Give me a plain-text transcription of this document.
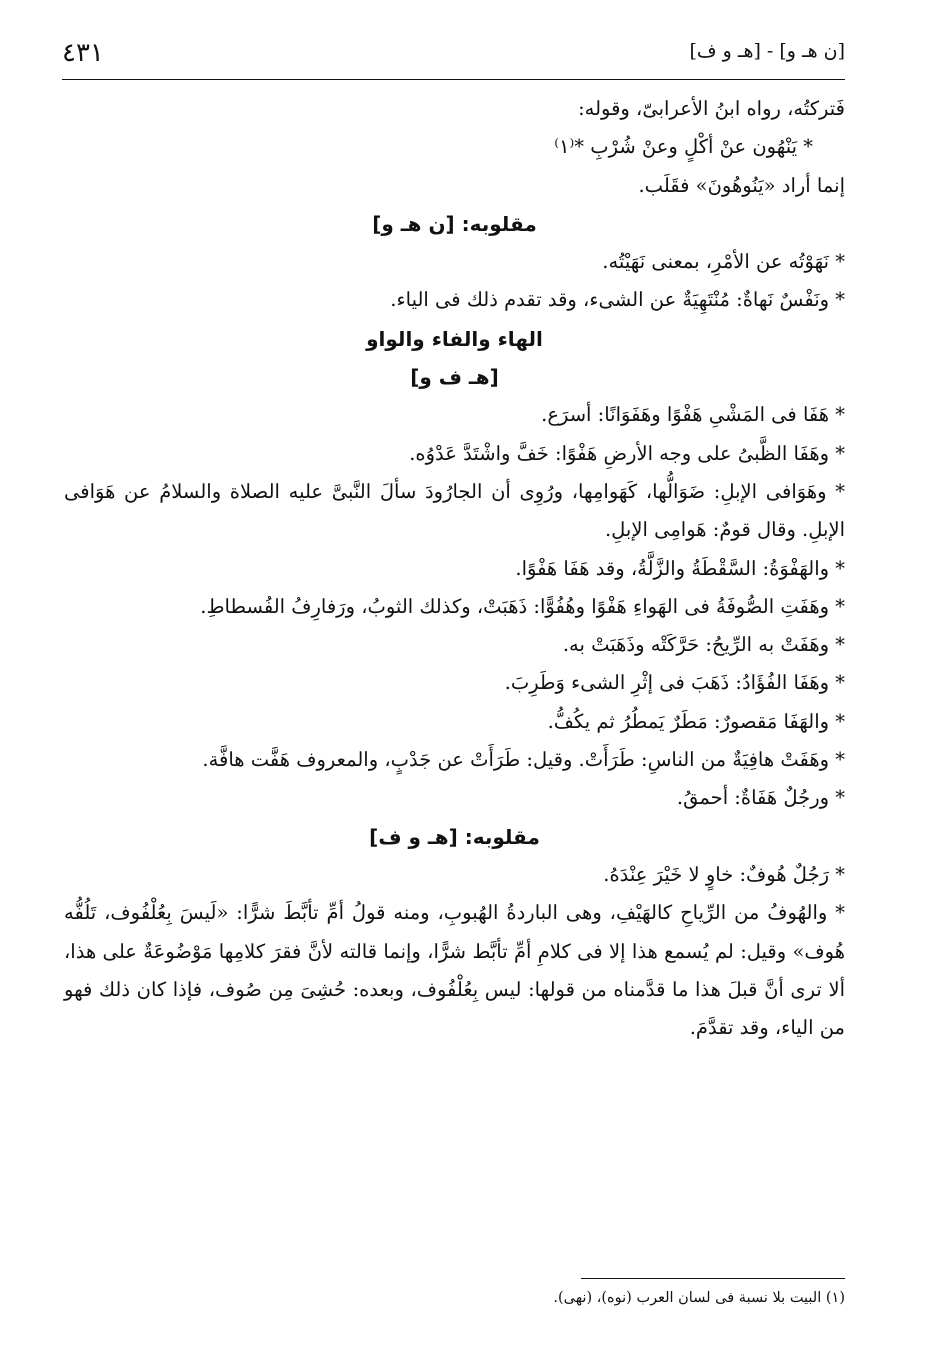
٤٣١	[ن هـ و] - [هـ و ف]

فَتركتُه، رواه ابنُ الأعرابىّ، وقوله:

* يَنْهُون عنْ أكْلٍ وعنْ شُرْبِ *⁽١⁾

إنما أراد «يَنُوهُونَ» فقَلَب.

مقلوبه: [ن هـ و]

* نَهَوْتُه عن الأمْرِ، بمعنى نَهَيْتُه.

* ونَفْسٌ نَهاةٌ: مُنْتَهِيَةٌ عن الشىء، وقد تقدم ذلك فى الياء.

الهاء والفاء والواو

[هـ ف و]

* هَفَا فى المَشْىِ هَفْوًا وهَفَوَانًا: أسرَع.

* وهَفَا الظَّبىُ على وجه الأرضِ هَفْوًا: خَفَّ واشْتَدَّ عَدْوُه.

* وهَوَافى الإبلِ: ضَوَالُّها، كَهَوامِها، ورُوِى أن الجارُودَ سألَ النَّبىَّ عليه الصلاة والسلامُ عن هَوَافى الإبلِ. وقال قومٌ: هَوامِى الإبلِ.

* والهَفْوَةُ: السَّقْطَةُ والزَّلَّةُ، وقد هَفَا هَفْوًا.

* وهَفَتِ الصُّوفَةُ فى الهَواءِ هَفْوًا وهُفُوًّا: ذَهَبَتْ، وكذلك الثوبُ، ورَفارِفُ الفُسطاطِ.

* وهَفَتْ به الرِّيحُ: حَرَّكَتْه وذَهَبَتْ به.

* وهَفَا الفُؤَادُ: ذَهَبَ فى إثْرِ الشىء وَطَرِبَ.

* والهَفَا مَقصورٌ: مَطَرٌ يَمطُرُ ثم يكُفُّ.

* وهَفَتْ هافِيَةٌ من الناسِ: طَرَأَتْ. وقيل: طَرَأَتْ عن جَدْبٍ، والمعروف هَفَّت هافَّة.

* ورجُلٌ هَفَاةٌ: أحمقُ.

مقلوبه: [هـ و ف]

* رَجُلٌ هُوفٌ: خاوٍ لا خَيْرَ عِنْدَهُ.

* والهُوفُ من الرِّياحِ كالهَيْفِ، وهى الباردةُ الهُبوبِ، ومنه قولُ أمِّ تأبَّطَ شرًّا: «لَيسَ بِعُلْفُوف، تَلُفُّه هُوف» وقيل: لم يُسمع هذا إلا فى كلامِ أمِّ تأبَّط شرًّا، وإنما قالته لأنَّ فقرَ كلامِها مَوْضُوعَةٌ على هذا، ألا ترى أنَّ قبلَ هذا ما قدَّمناه من قولها: ليس بِعُلْفُوف، وبعده: حُشِىَ مِن صُوف، فإذا كان ذلك فهو من الياء، وقد تقدَّمَ.

(١) البيت بلا نسبة فى لسان العرب (نوه)، (نهى).
